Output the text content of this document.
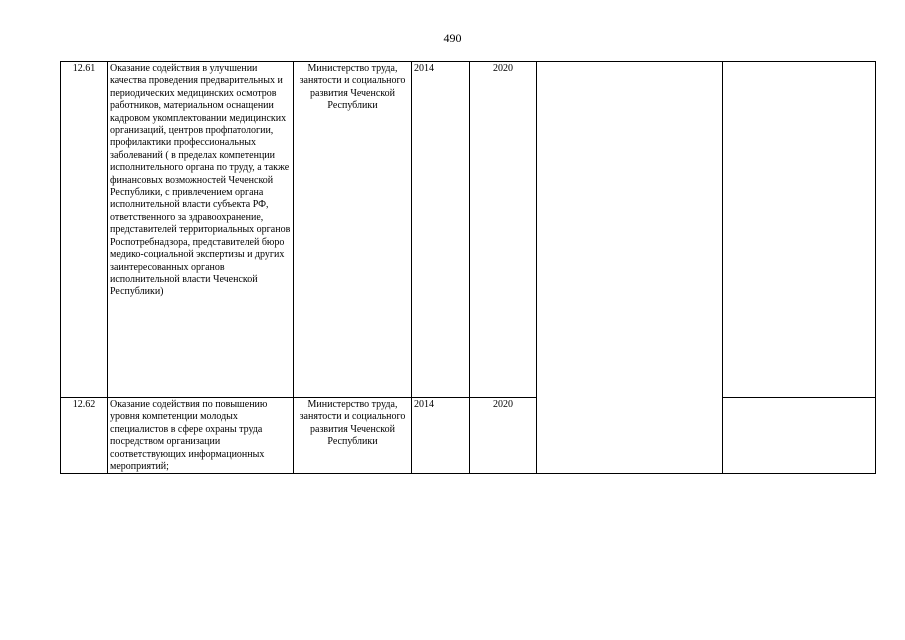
490
12.61	Оказание содействия в улучшении качества проведения предварительных и периодических медицинских осмотров работников, материальном оснащении кадровом укомплектовании медицинских организаций, центров профпатологии, профилактики профессиональных заболеваний ( в пределах компетенции исполнительного органа по труду, а также финансовых возможностей Чеченской Республики, с привлечением органа исполнительной власти субъекта РФ, ответственного за здравоохранение, представителей территориальных органов Роспотребнадзора, представителей бюро медико-социальной экспертизы и других заинтересованных органов исполнительной власти Чеченской Республики)	Министерство труда, занятости и социального развития Чеченской Республики	2014	2020		
12.62	Оказание содействия по повышению уровня компетенции молодых специалистов в сфере охраны труда посредством организации соответствующих информационных мероприятий;	Министерство труда, занятости и социального развития Чеченской Республики	2014	2020		
